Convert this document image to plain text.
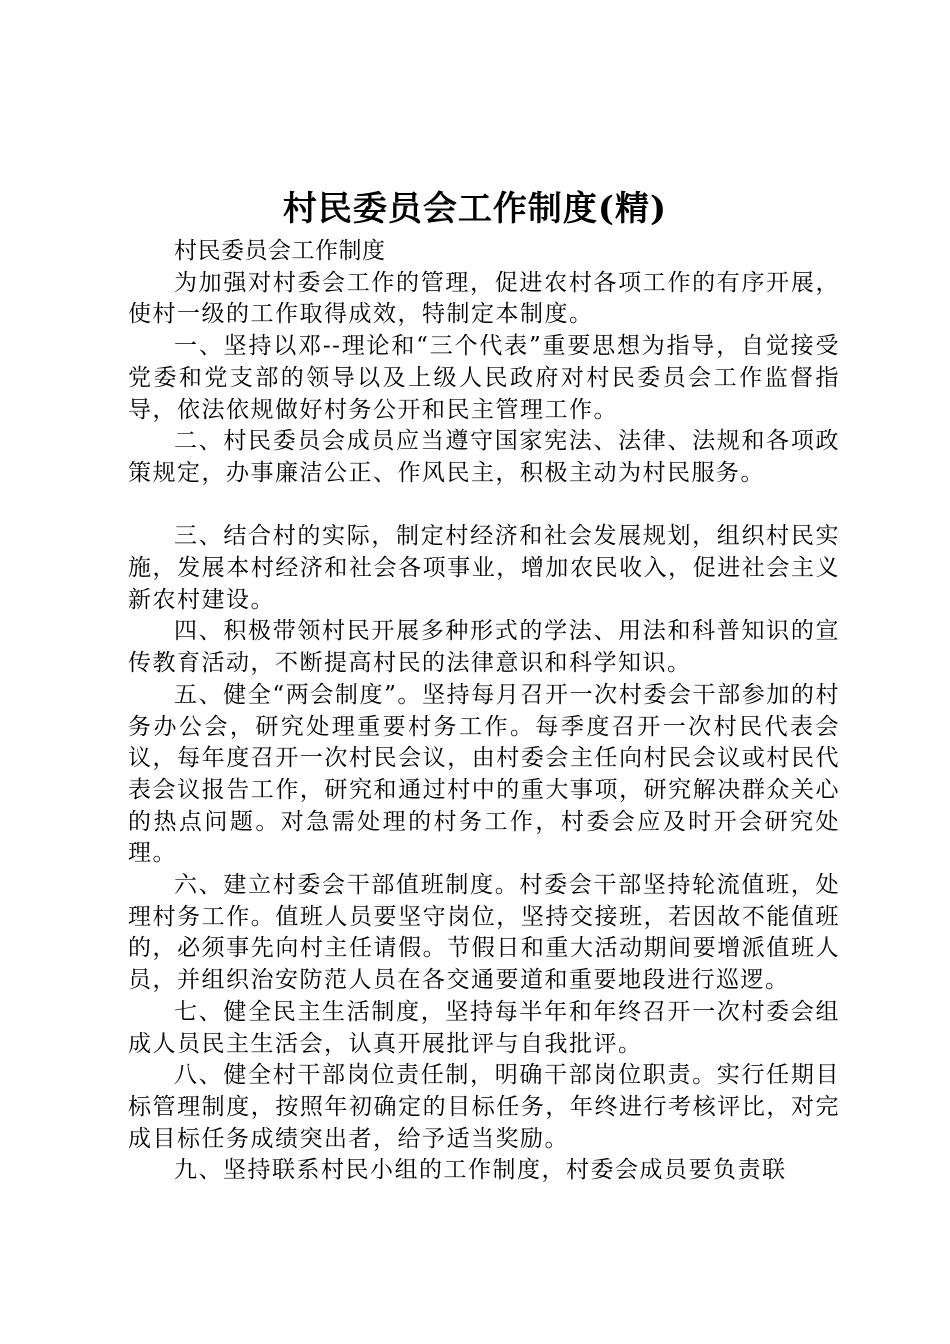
村民委员会工作制度(精)

村民委员会工作制度

为加强对村委会工作的管理，促进农村各项工作的有序开展，使村一级的工作取得成效，特制定本制度。

一、坚持以邓--理论和“三个代表”重要思想为指导，自觉接受党委和党支部的领导以及上级人民政府对村民委员会工作监督指导，依法依规做好村务公开和民主管理工作。

二、村民委员会成员应当遵守国家宪法、法律、法规和各项政策规定，办事廉洁公正、作风民主，积极主动为村民服务。

三、结合村的实际，制定村经济和社会发展规划，组织村民实施，发展本村经济和社会各项事业，增加农民收入，促进社会主义新农村建设。

四、积极带领村民开展多种形式的学法、用法和科普知识的宣传教育活动，不断提高村民的法律意识和科学知识。

五、健全“两会制度”。坚持每月召开一次村委会干部参加的村务办公会，研究处理重要村务工作。每季度召开一次村民代表会议，每年度召开一次村民会议，由村委会主任向村民会议或村民代表会议报告工作，研究和通过村中的重大事项，研究解决群众关心的热点问题。对急需处理的村务工作，村委会应及时开会研究处理。

六、建立村委会干部值班制度。村委会干部坚持轮流值班，处理村务工作。值班人员要坚守岗位，坚持交接班，若因故不能值班的，必须事先向村主任请假。节假日和重大活动期间要增派值班人员，并组织治安防范人员在各交通要道和重要地段进行巡逻。

七、健全民主生活制度，坚持每半年和年终召开一次村委会组成人员民主生活会，认真开展批评与自我批评。

八、健全村干部岗位责任制，明确干部岗位职责。实行任期目标管理制度，按照年初确定的目标任务，年终进行考核评比，对完成目标任务成绩突出者，给予适当奖励。

九、坚持联系村民小组的工作制度，村委会成员要负责联
